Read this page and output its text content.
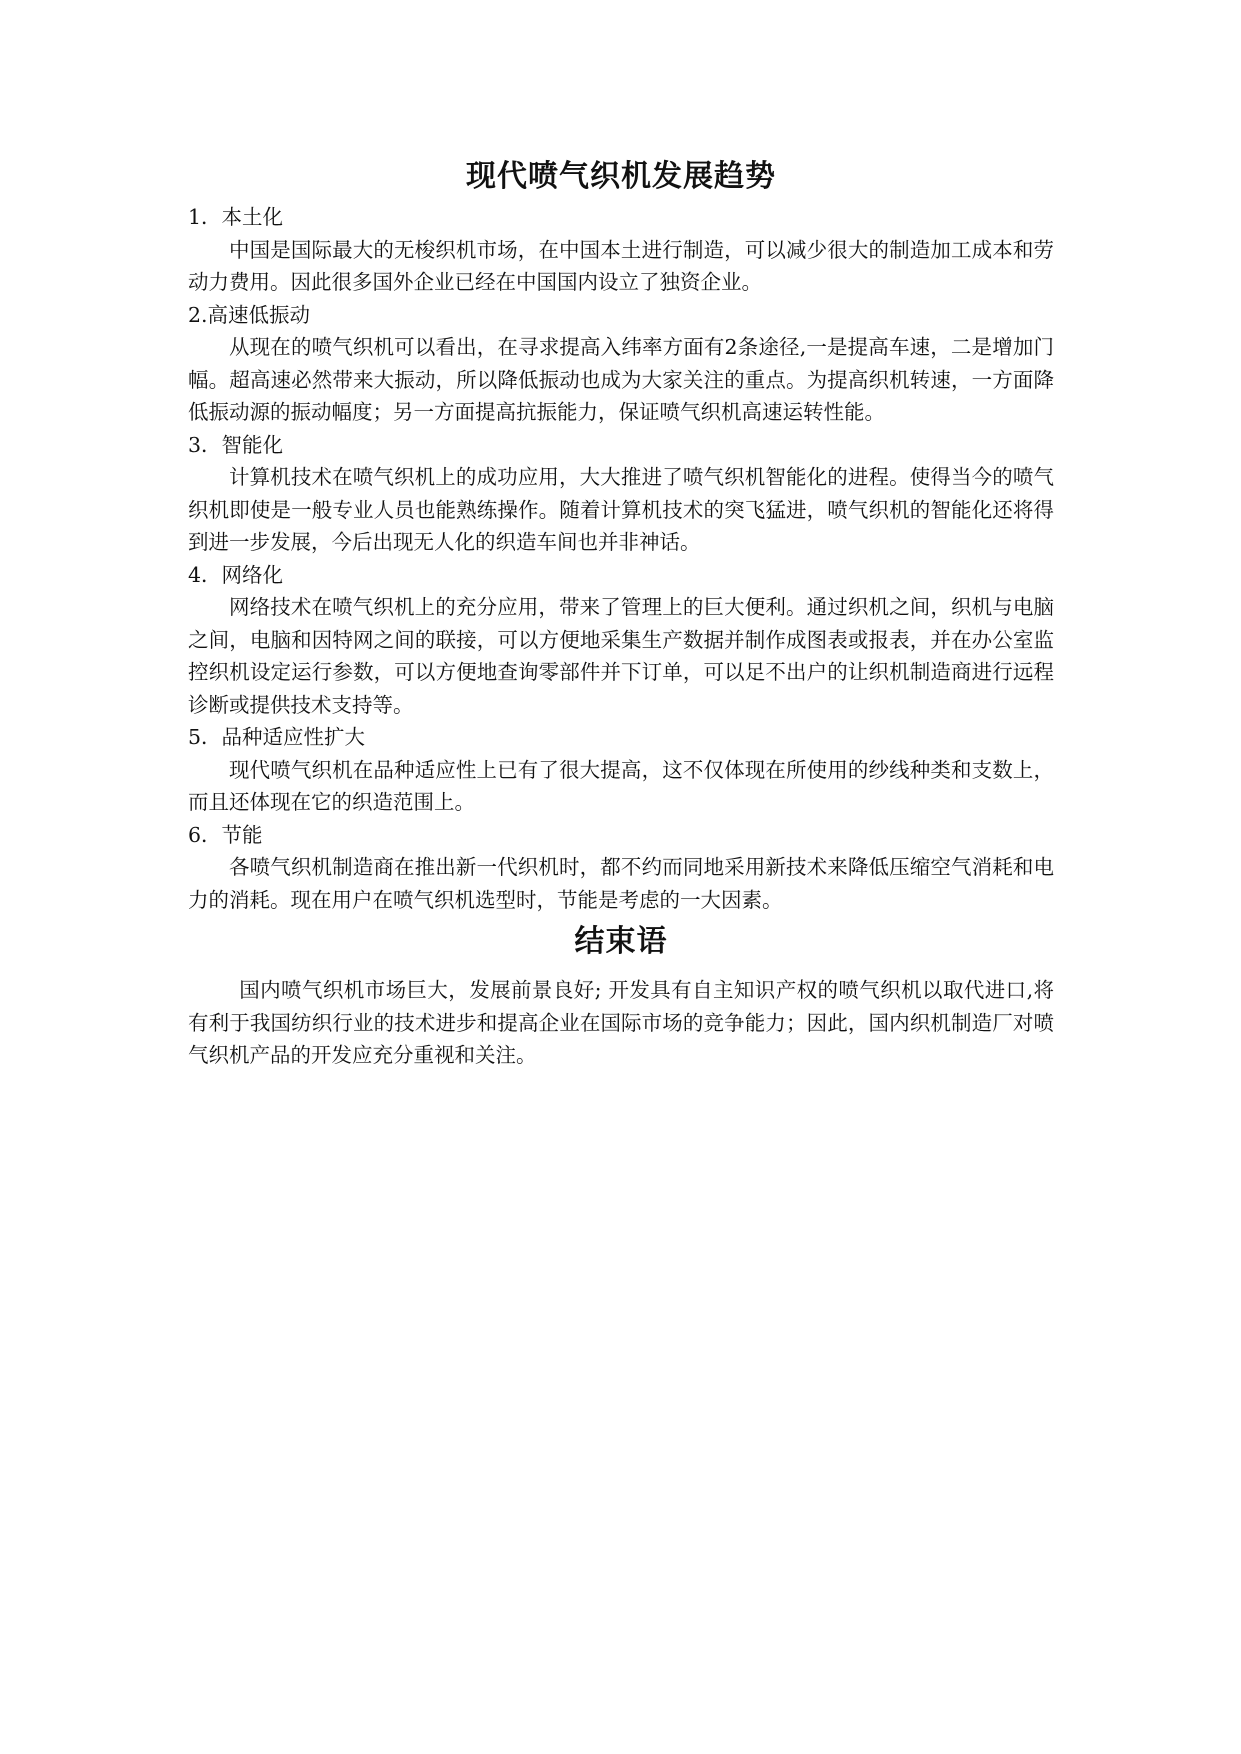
现代喷气织机发展趋势

1．本土化

中国是国际最大的无梭织机市场，在中国本土进行制造，可以减少很大的制造加工成本和劳动力费用。因此很多国外企业已经在中国国内设立了独资企业。

2.高速低振动

从现在的喷气织机可以看出，在寻求提高入纬率方面有2条途径,一是提高车速，二是增加门幅。超高速必然带来大振动，所以降低振动也成为大家关注的重点。为提高织机转速，一方面降低振动源的振动幅度；另一方面提高抗振能力，保证喷气织机高速运转性能。

3．智能化

计算机技术在喷气织机上的成功应用，大大推进了喷气织机智能化的进程。使得当今的喷气织机即使是一般专业人员也能熟练操作。随着计算机技术的突飞猛进，喷气织机的智能化还将得到进一步发展，今后出现无人化的织造车间也并非神话。

4．网络化

网络技术在喷气织机上的充分应用，带来了管理上的巨大便利。通过织机之间，织机与电脑之间，电脑和因特网之间的联接，可以方便地采集生产数据并制作成图表或报表，并在办公室监控织机设定运行参数，可以方便地查询零部件并下订单，可以足不出户的让织机制造商进行远程诊断或提供技术支持等。

5．品种适应性扩大

现代喷气织机在品种适应性上已有了很大提高，这不仅体现在所使用的纱线种类和支数上，而且还体现在它的织造范围上。

6．节能

各喷气织机制造商在推出新一代织机时，都不约而同地采用新技术来降低压缩空气消耗和电力的消耗。现在用户在喷气织机选型时，节能是考虑的一大因素。

结束语

国内喷气织机市场巨大，发展前景良好; 开发具有自主知识产权的喷气织机以取代进口,将有利于我国纺织行业的技术进步和提高企业在国际市场的竞争能力；因此，国内织机制造厂对喷气织机产品的开发应充分重视和关注。
